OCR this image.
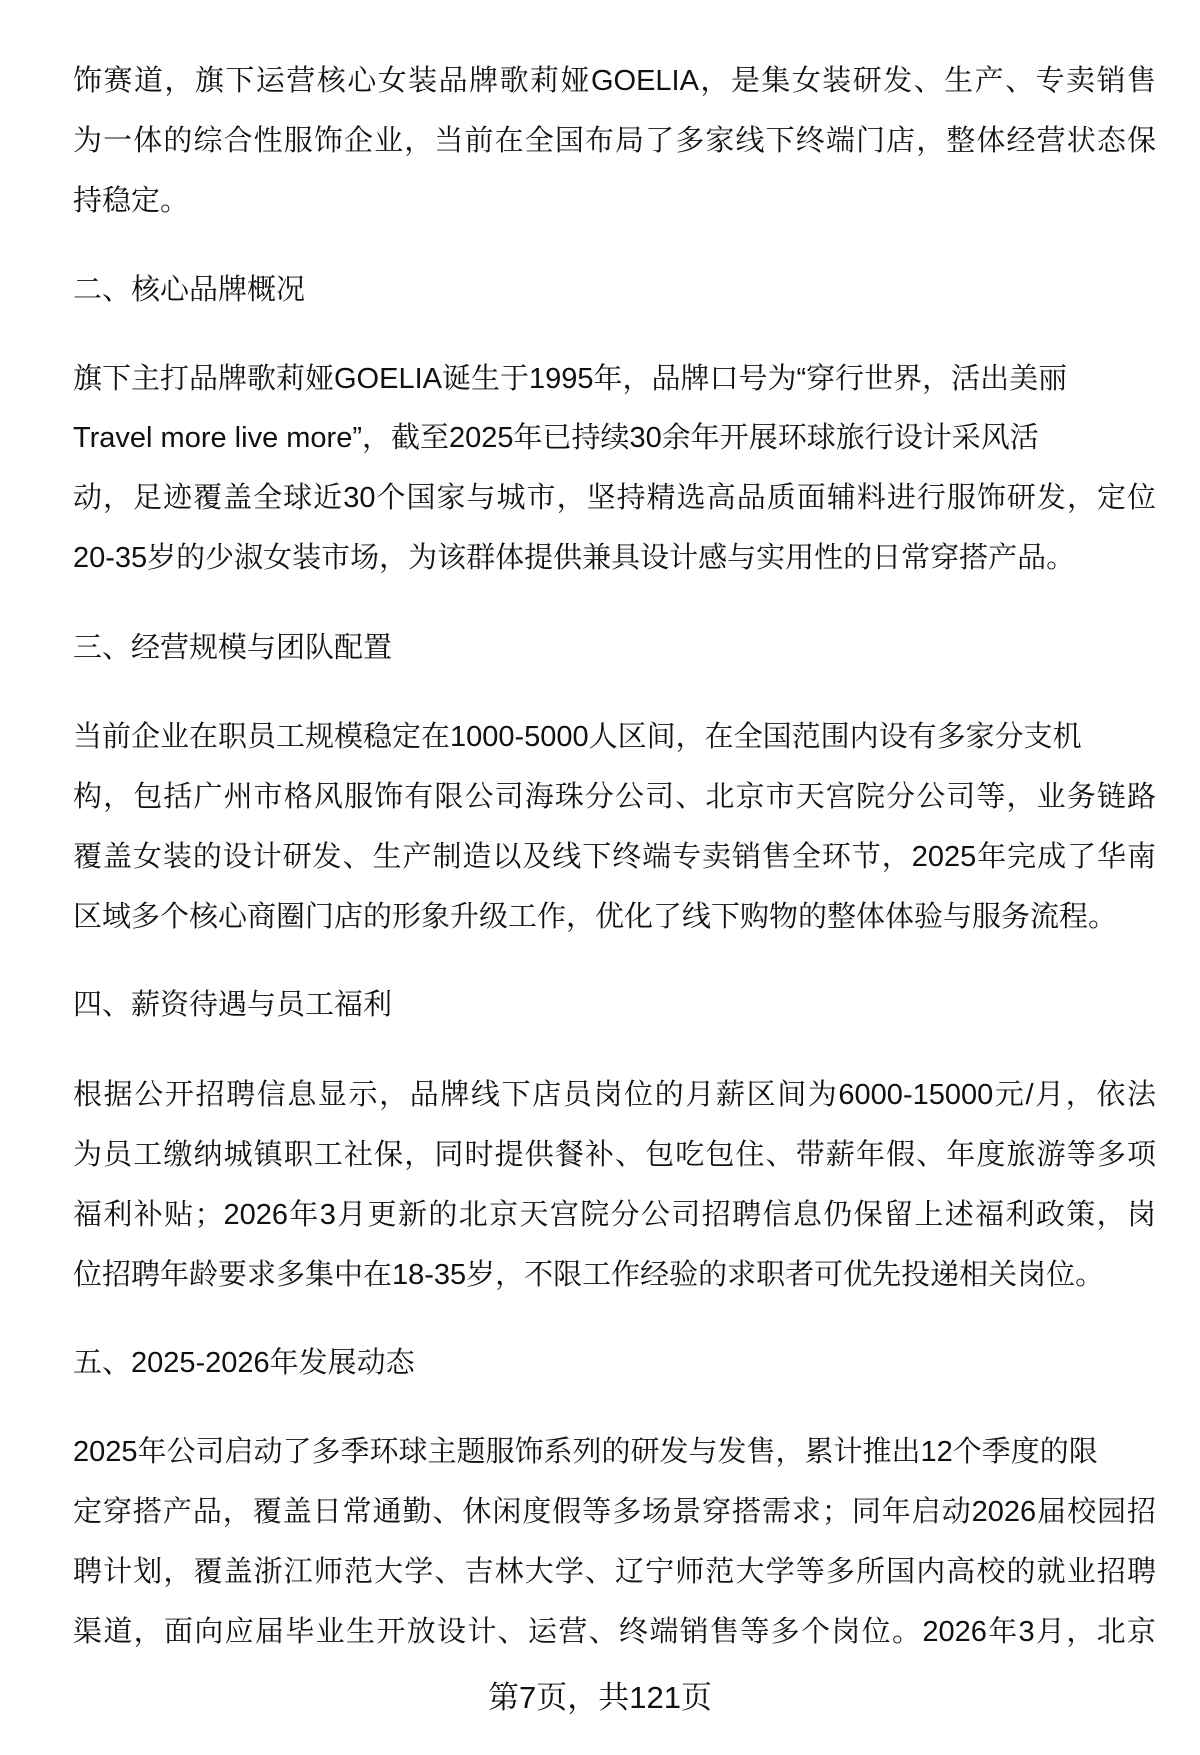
饰赛道，旗下运营核心女装品牌歌莉娅GOELIA，是集女装研发、生产、专卖销售
为一体的综合性服饰企业，当前在全国布局了多家线下终端门店，整体经营状态保
持稳定。
二、核心品牌概况
旗下主打品牌歌莉娅GOELIA诞生于1995年，品牌口号为“穿行世界，活出美丽
Travel more live more”，截至2025年已持续30余年开展环球旅行设计采风活
动，足迹覆盖全球近30个国家与城市，坚持精选高品质面辅料进行服饰研发，定位
20-35岁的少淑女装市场，为该群体提供兼具设计感与实用性的日常穿搭产品。
三、经营规模与团队配置
当前企业在职员工规模稳定在1000-5000人区间，在全国范围内设有多家分支机
构，包括广州市格风服饰有限公司海珠分公司、北京市天宫院分公司等，业务链路
覆盖女装的设计研发、生产制造以及线下终端专卖销售全环节，2025年完成了华南
区域多个核心商圈门店的形象升级工作，优化了线下购物的整体体验与服务流程。
四、薪资待遇与员工福利
根据公开招聘信息显示，品牌线下店员岗位的月薪区间为6000-15000元/月，依法
为员工缴纳城镇职工社保，同时提供餐补、包吃包住、带薪年假、年度旅游等多项
福利补贴；2026年3月更新的北京天宫院分公司招聘信息仍保留上述福利政策，岗
位招聘年龄要求多集中在18-35岁，不限工作经验的求职者可优先投递相关岗位。
五、2025-2026年发展动态
2025年公司启动了多季环球主题服饰系列的研发与发售，累计推出12个季度的限
定穿搭产品，覆盖日常通勤、休闲度假等多场景穿搭需求；同年启动2026届校园招
聘计划，覆盖浙江师范大学、吉林大学、辽宁师范大学等多所国内高校的就业招聘
渠道，面向应届毕业生开放设计、运营、终端销售等多个岗位。2026年3月，北京
第7页，共121页
